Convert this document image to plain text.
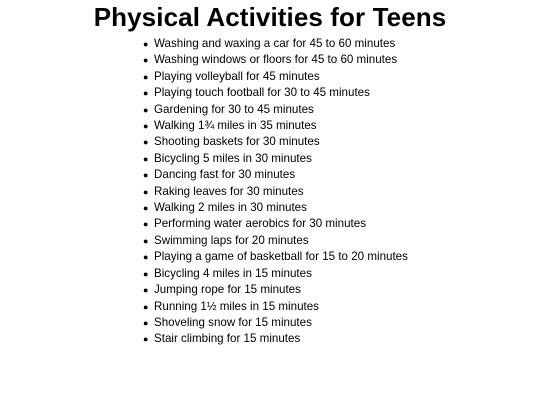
Physical Activities for Teens
● Washing and waxing a car for 45 to 60 minutes
● Washing windows or floors for 45 to 60 minutes
● Playing volleyball for 45 minutes
● Playing touch football for 30 to 45 minutes
● Gardening for 30 to 45 minutes
● Walking 1¾ miles in 35 minutes
● Shooting baskets for 30 minutes
● Bicycling 5 miles in 30 minutes
● Dancing fast for 30 minutes
● Raking leaves for 30 minutes
● Walking 2 miles in 30 minutes
● Performing water aerobics for 30 minutes
● Swimming laps for 20 minutes
● Playing a game of basketball for 15 to 20 minutes
● Bicycling 4 miles in 15 minutes
● Jumping rope for 15 minutes
● Running 1½ miles in 15 minutes
● Shoveling snow for 15 minutes
● Stair climbing for 15 minutes
